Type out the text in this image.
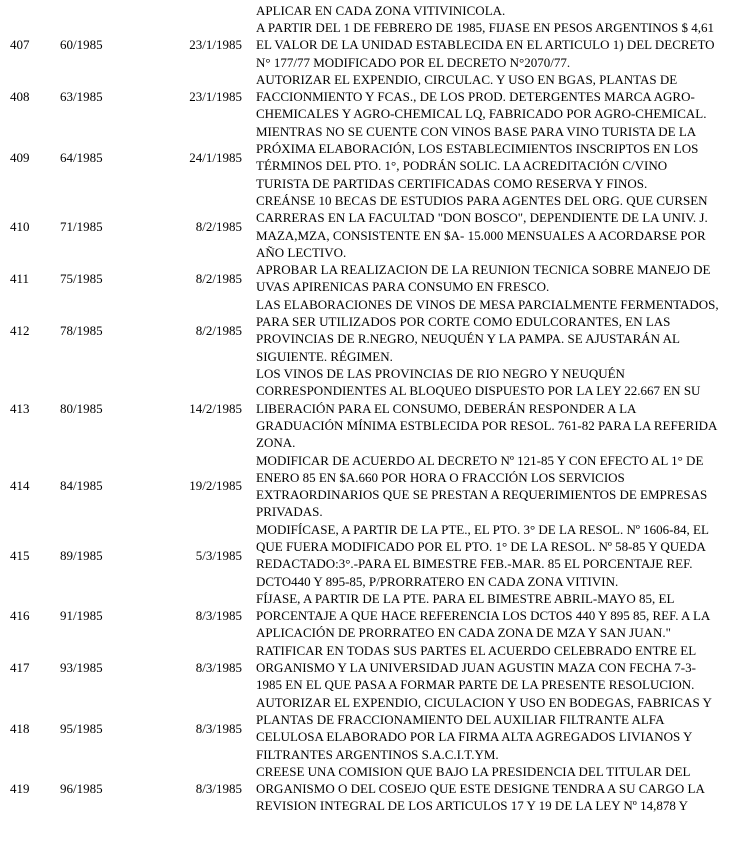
APLICAR EN CADA ZONA VITIVINICOLA.
407 60/1985	23/1/1985
A PARTIR DEL 1 DE FEBRERO DE 1985, FIJASE EN PESOS ARGENTINOS $ 4,61
EL VALOR DE LA UNIDAD ESTABLECIDA EN EL ARTICULO 1) DEL DECRETO
N° 177/77 MODIFICADO POR EL DECRETO N°2070/77.
408 63/1985	23/1/1985
AUTORIZAR EL EXPENDIO, CIRCULAC. Y USO EN BGAS, PLANTAS DE
FACCIONMIENTO Y FCAS., DE LOS PROD. DETERGENTES MARCA AGRO-
CHEMICALES Y AGRO-CHEMICAL LQ, FABRICADO POR AGRO-CHEMICAL.
409 64/1985	24/1/1985
MIENTRAS NO SE CUENTE CON VINOS BASE PARA VINO TURISTA DE LA
PRÓXIMA ELABORACIÓN, LOS ESTABLECIMIENTOS INSCRIPTOS EN LOS
TÉRMINOS DEL PTO. 1°, PODRÁN SOLIC. LA ACREDITACIÓN C/VINO
TURISTA DE PARTIDAS CERTIFICADAS COMO RESERVA Y FINOS.
410 71/1985	8/2/1985
CREÁNSE 10 BECAS DE ESTUDIOS PARA AGENTES DEL ORG. QUE CURSEN
CARRERAS EN LA FACULTAD "DON BOSCO", DEPENDIENTE DE LA UNIV. J.
MAZA,MZA, CONSISTENTE EN $A- 15.000 MENSUALES A ACORDARSE POR
AÑO LECTIVO.
411 75/1985	8/2/1985
APROBAR LA REALIZACION DE LA REUNION TECNICA SOBRE MANEJO DE
UVAS APIRENICAS PARA CONSUMO EN FRESCO.
412 78/1985	8/2/1985
LAS ELABORACIONES DE VINOS DE MESA PARCIALMENTE FERMENTADOS,
PARA SER UTILIZADOS POR CORTE COMO EDULCORANTES, EN LAS
PROVINCIAS DE R.NEGRO, NEUQUÉN Y LA PAMPA. SE AJUSTARÁN AL
SIGUIENTE. RÉGIMEN.
413 80/1985	14/2/1985
LOS VINOS DE LAS PROVINCIAS DE RIO NEGRO Y NEUQUÉN
CORRESPONDIENTES AL BLOQUEO DISPUESTO POR LA LEY 22.667 EN SU
LIBERACIÓN PARA EL CONSUMO, DEBERÁN RESPONDER A LA
GRADUACIÓN MÍNIMA ESTBLECIDA POR RESOL. 761-82 PARA LA REFERIDA
ZONA.
414 84/1985	19/2/1985
MODIFICAR DE ACUERDO AL DECRETO Nº 121-85 Y CON EFECTO AL 1° DE
ENERO 85 EN $A.660 POR HORA O FRACCIÓN LOS SERVICIOS
EXTRAORDINARIOS QUE SE PRESTAN A REQUERIMIENTOS DE EMPRESAS
PRIVADAS.
415 89/1985	5/3/1985
MODIFÍCASE, A PARTIR DE LA PTE., EL PTO. 3° DE LA RESOL. Nº 1606-84, EL
QUE FUERA MODIFICADO POR EL PTO. 1° DE LA RESOL. Nº 58-85 Y QUEDA
REDACTADO:3°.-PARA EL BIMESTRE FEB.-MAR. 85 EL PORCENTAJE REF.
DCTO440 Y 895-85, P/PRORRATERO EN CADA ZONA VITIVIN.
416 91/1985	8/3/1985
FÍJASE, A PARTIR DE LA PTE. PARA EL BIMESTRE ABRIL-MAYO 85, EL
PORCENTAJE A QUE HACE REFERENCIA LOS DCTOS 440 Y 895 85, REF. A LA
APLICACIÓN DE PRORRATEO EN CADA ZONA DE MZA Y SAN JUAN."
417 93/1985	8/3/1985
RATIFICAR EN TODAS SUS PARTES EL ACUERDO CELEBRADO ENTRE EL
ORGANISMO Y LA UNIVERSIDAD JUAN AGUSTIN MAZA CON FECHA 7-3-
1985 EN EL QUE PASA A FORMAR PARTE DE LA PRESENTE RESOLUCION.
418 95/1985	8/3/1985
AUTORIZAR EL EXPENDIO, CICULACION Y USO EN BODEGAS, FABRICAS Y
PLANTAS DE FRACCIONAMIENTO DEL AUXILIAR FILTRANTE ALFA
CELULOSA ELABORADO POR LA FIRMA ALTA AGREGADOS LIVIANOS Y
FILTRANTES ARGENTINOS S.A.C.I.T.YM.
419 96/1985	8/3/1985
CREESE UNA COMISION QUE BAJO LA PRESIDENCIA DEL TITULAR DEL
ORGANISMO O DEL COSEJO QUE ESTE DESIGNE TENDRA A SU CARGO LA
REVISION INTEGRAL DE LOS ARTICULOS 17 Y 19 DE LA LEY Nº 14,878 Y
